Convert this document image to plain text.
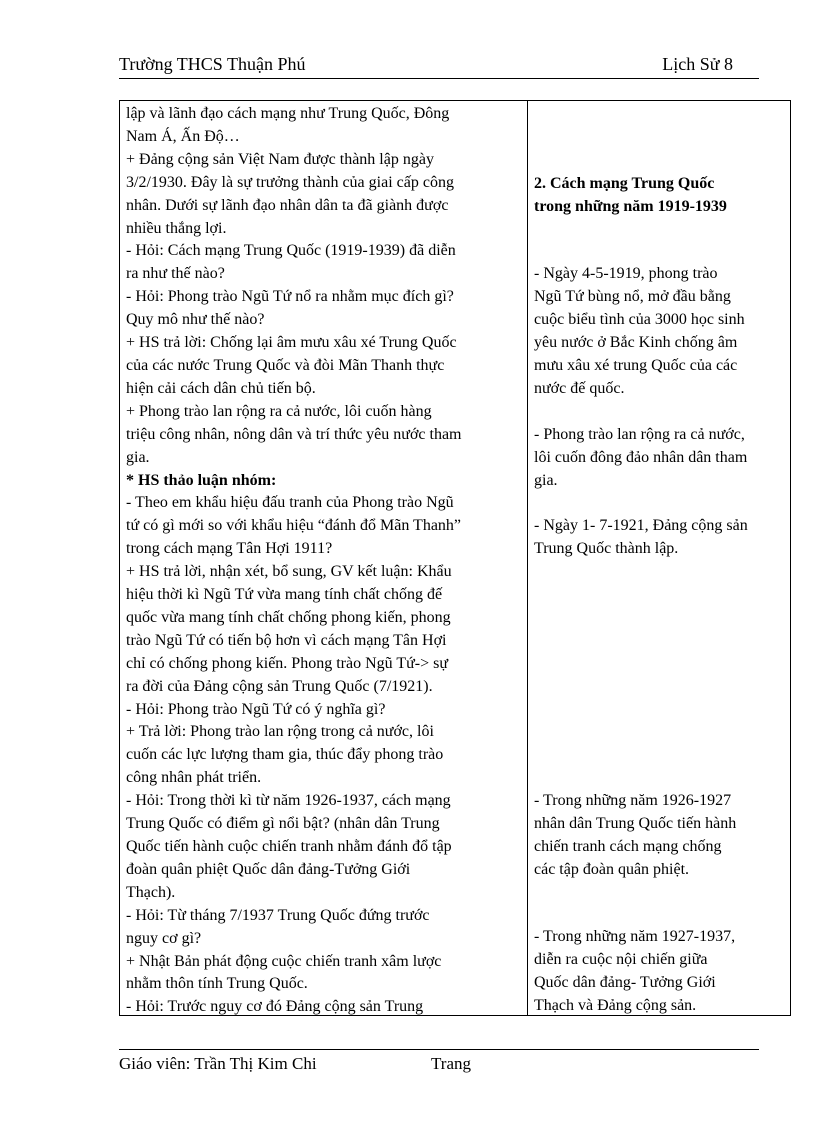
Trường THCS Thuận Phú	Lịch Sử 8
lập và lãnh đạo cách mạng như Trung Quốc, Đông
Nam Á, Ấn Độ…
+ Đảng cộng sản Việt Nam được thành lập ngày
3/2/1930. Đây là sự trưởng thành của giai cấp công
nhân. Dưới sự lãnh đạo nhân dân ta đã giành được
nhiều thắng lợi.
- Hỏi: Cách mạng Trung Quốc (1919-1939) đã diễn
ra như thế nào?
- Hỏi: Phong trào Ngũ Tứ nổ ra nhằm mục đích gì?
Quy mô như thế nào?
+ HS trả lời: Chống lại âm mưu xâu xé Trung Quốc
của các nước Trung Quốc và đòi Mãn Thanh thực
hiện cải cách dân chủ tiến bộ.
+ Phong trào lan rộng ra cả nước, lôi cuốn hàng
triệu công nhân, nông dân và trí thức yêu nước tham
gia.
* HS thảo luận nhóm:
- Theo em khẩu hiệu đấu tranh của Phong trào Ngũ
tứ có gì mới so với khẩu hiệu “đánh đổ Mãn Thanh”
trong cách mạng Tân Hợi 1911?
+ HS trả lời, nhận xét, bổ sung, GV kết luận: Khẩu
hiệu thời kì Ngũ Tứ vừa mang tính chất chống đế
quốc vừa mang tính chất chống phong kiến, phong
trào Ngũ Tứ có tiến bộ hơn vì cách mạng Tân Hợi
chỉ có chống phong kiến. Phong trào Ngũ Tứ-> sự
ra đời của Đảng cộng sản Trung Quốc (7/1921).
- Hỏi: Phong trào Ngũ Tứ có ý nghĩa gì?
+ Trả lời: Phong trào lan rộng trong cả nước, lôi
cuốn các lực lượng tham gia, thúc đẩy phong trào
công nhân phát triển.
- Hỏi: Trong thời kì từ năm 1926-1937, cách mạng
Trung Quốc có điểm gì nổi bật? (nhân dân Trung
Quốc tiến hành cuộc chiến tranh nhằm đánh đổ tập
đoàn quân phiệt Quốc dân đảng-Tưởng Giới
Thạch).
- Hỏi: Từ tháng 7/1937 Trung Quốc đứng trước
nguy cơ gì?
+ Nhật Bản phát động cuộc chiến tranh xâm lược
nhằm thôn tính Trung Quốc.
- Hỏi: Trước nguy cơ đó Đảng cộng sản Trung
2. Cách mạng Trung Quốc
trong những năm 1919-1939
- Ngày 4-5-1919, phong trào
Ngũ Tứ bùng nổ, mở đầu bằng
cuộc biểu tình của 3000 học sinh
yêu nước ở Bắc Kinh chống âm
mưu xâu xé trung Quốc của các
nước đế quốc.
- Phong trào lan rộng ra cả nước,
lôi cuốn đông đảo nhân dân tham
gia.
- Ngày 1- 7-1921, Đảng cộng sản
Trung Quốc thành lập.
- Trong những năm 1926-1927
nhân dân Trung Quốc tiến hành
chiến tranh cách mạng chống
các tập đoàn quân phiệt.
- Trong những năm 1927-1937,
diễn ra cuộc nội chiến giữa
Quốc dân đảng- Tưởng Giới
Thạch và Đảng cộng sản.
Giáo viên: Trần Thị Kim Chi	Trang
